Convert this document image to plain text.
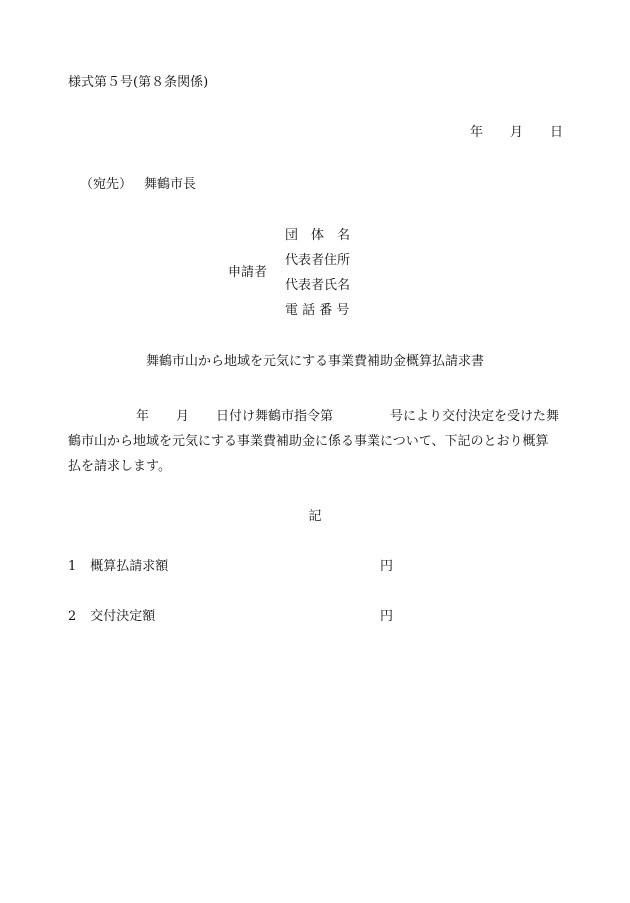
様式第５号(第８条関係)
年 月 日
（宛先） 舞鶴市長
申請者
団　体　名
代表者住所
代表者氏名
電 話 番 号
舞鶴市山から地域を元気にする事業費補助金概算払請求書
年 月 日付け舞鶴市指令第	号により交付決定を受けた舞
鶴市山から地域を元気にする事業費補助金に係る事業について、下記のとおり概算
払を請求します。
記
1 概算払請求額	円
2 交付決定額	円
